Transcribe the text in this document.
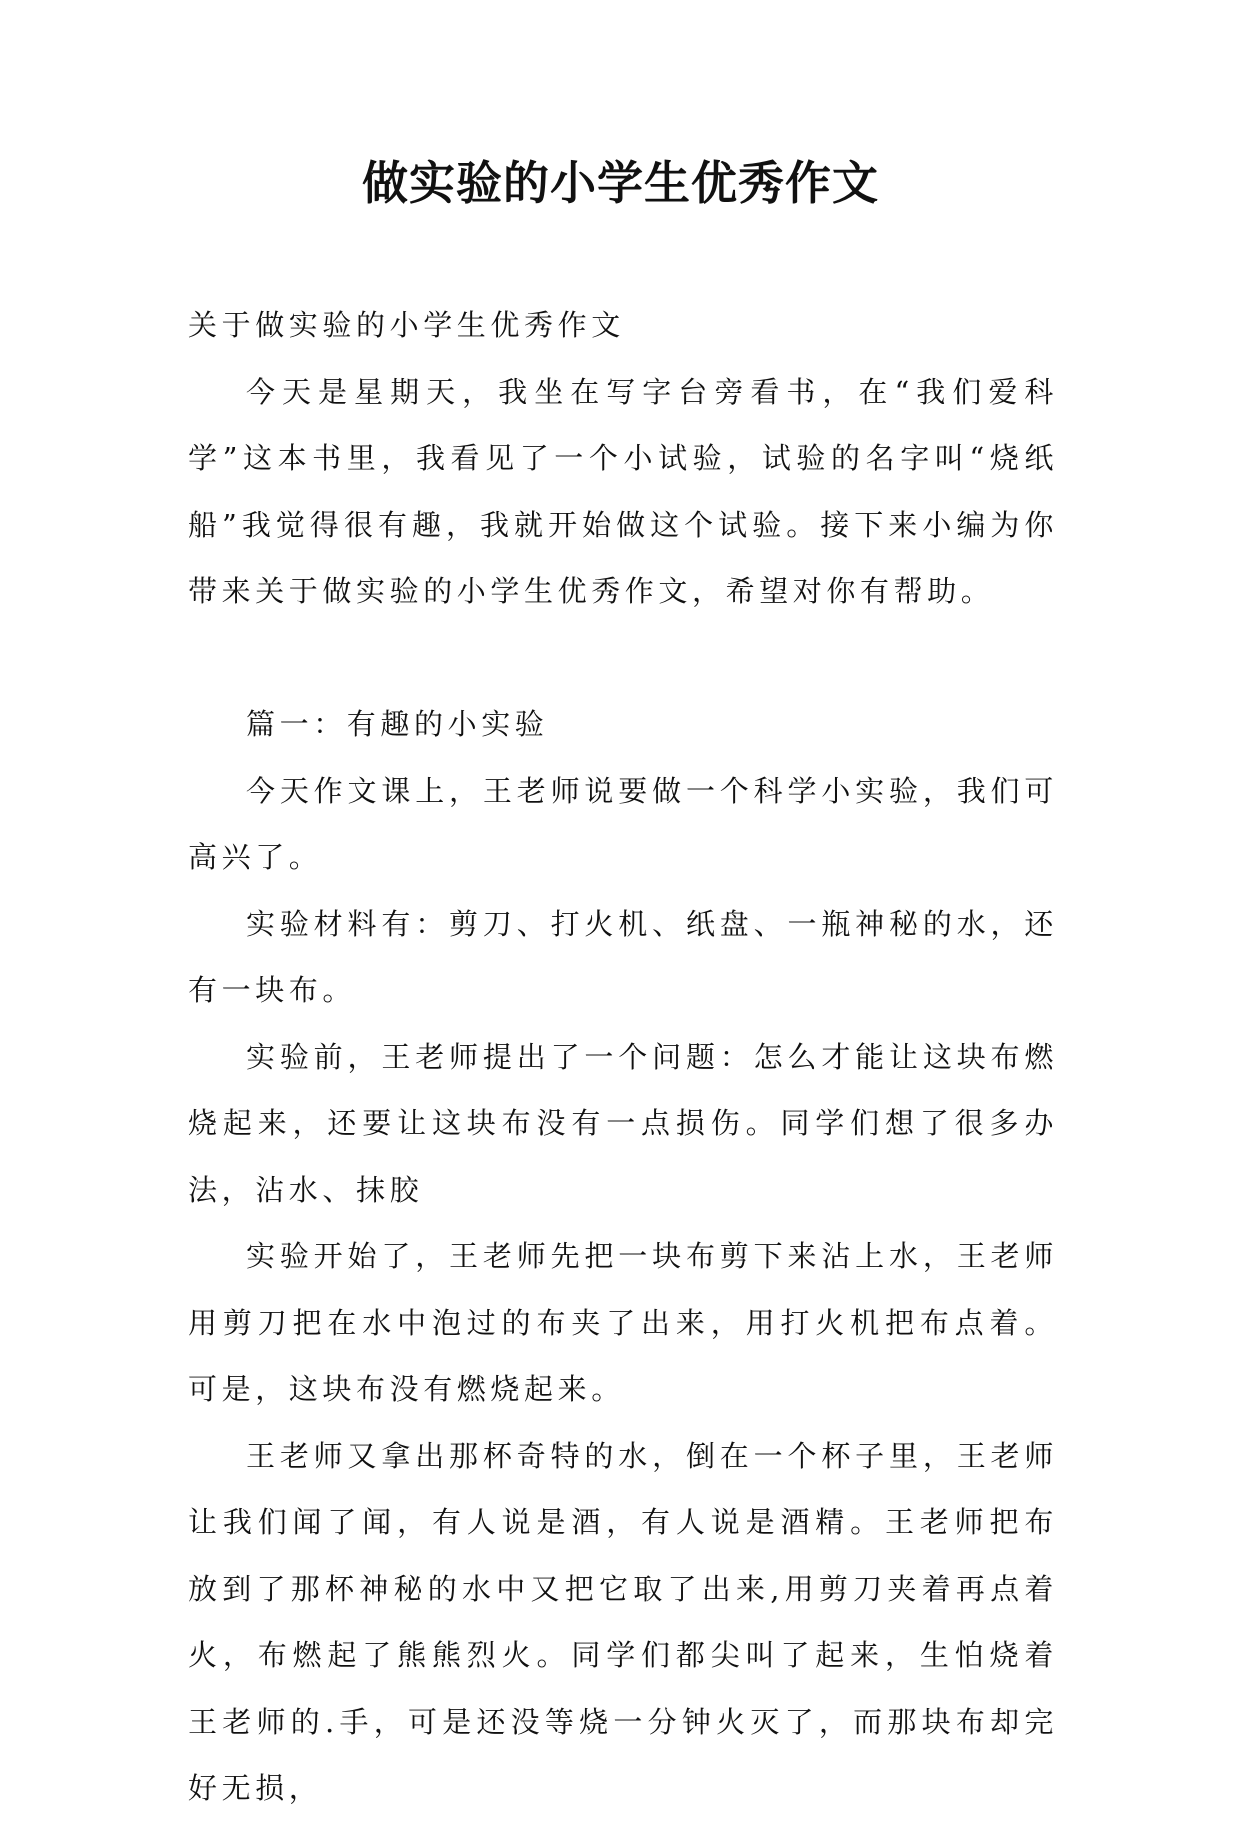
做实验的小学生优秀作文

关于做实验的小学生优秀作文

今天是星期天，我坐在写字台旁看书，在“我们爱科学”这本书里，我看见了一个小试验，试验的名字叫“烧纸船”我觉得很有趣，我就开始做这个试验。接下来小编为你带来关于做实验的小学生优秀作文，希望对你有帮助。

篇一：有趣的小实验

今天作文课上，王老师说要做一个科学小实验，我们可高兴了。

实验材料有：剪刀、打火机、纸盘、一瓶神秘的水，还有一块布。

实验前，王老师提出了一个问题：怎么才能让这块布燃烧起来，还要让这块布没有一点损伤。同学们想了很多办法，沾水、抹胶

实验开始了，王老师先把一块布剪下来沾上水，王老师用剪刀把在水中泡过的布夹了出来，用打火机把布点着。可是，这块布没有燃烧起来。

王老师又拿出那杯奇特的水，倒在一个杯子里，王老师让我们闻了闻，有人说是酒，有人说是酒精。王老师把布放到了那杯神秘的水中又把它取了出来,用剪刀夹着再点着火，布燃起了熊熊烈火。同学们都尖叫了起来，生怕烧着王老师的.手，可是还没等烧一分钟火灭了，而那块布却完好无损，
